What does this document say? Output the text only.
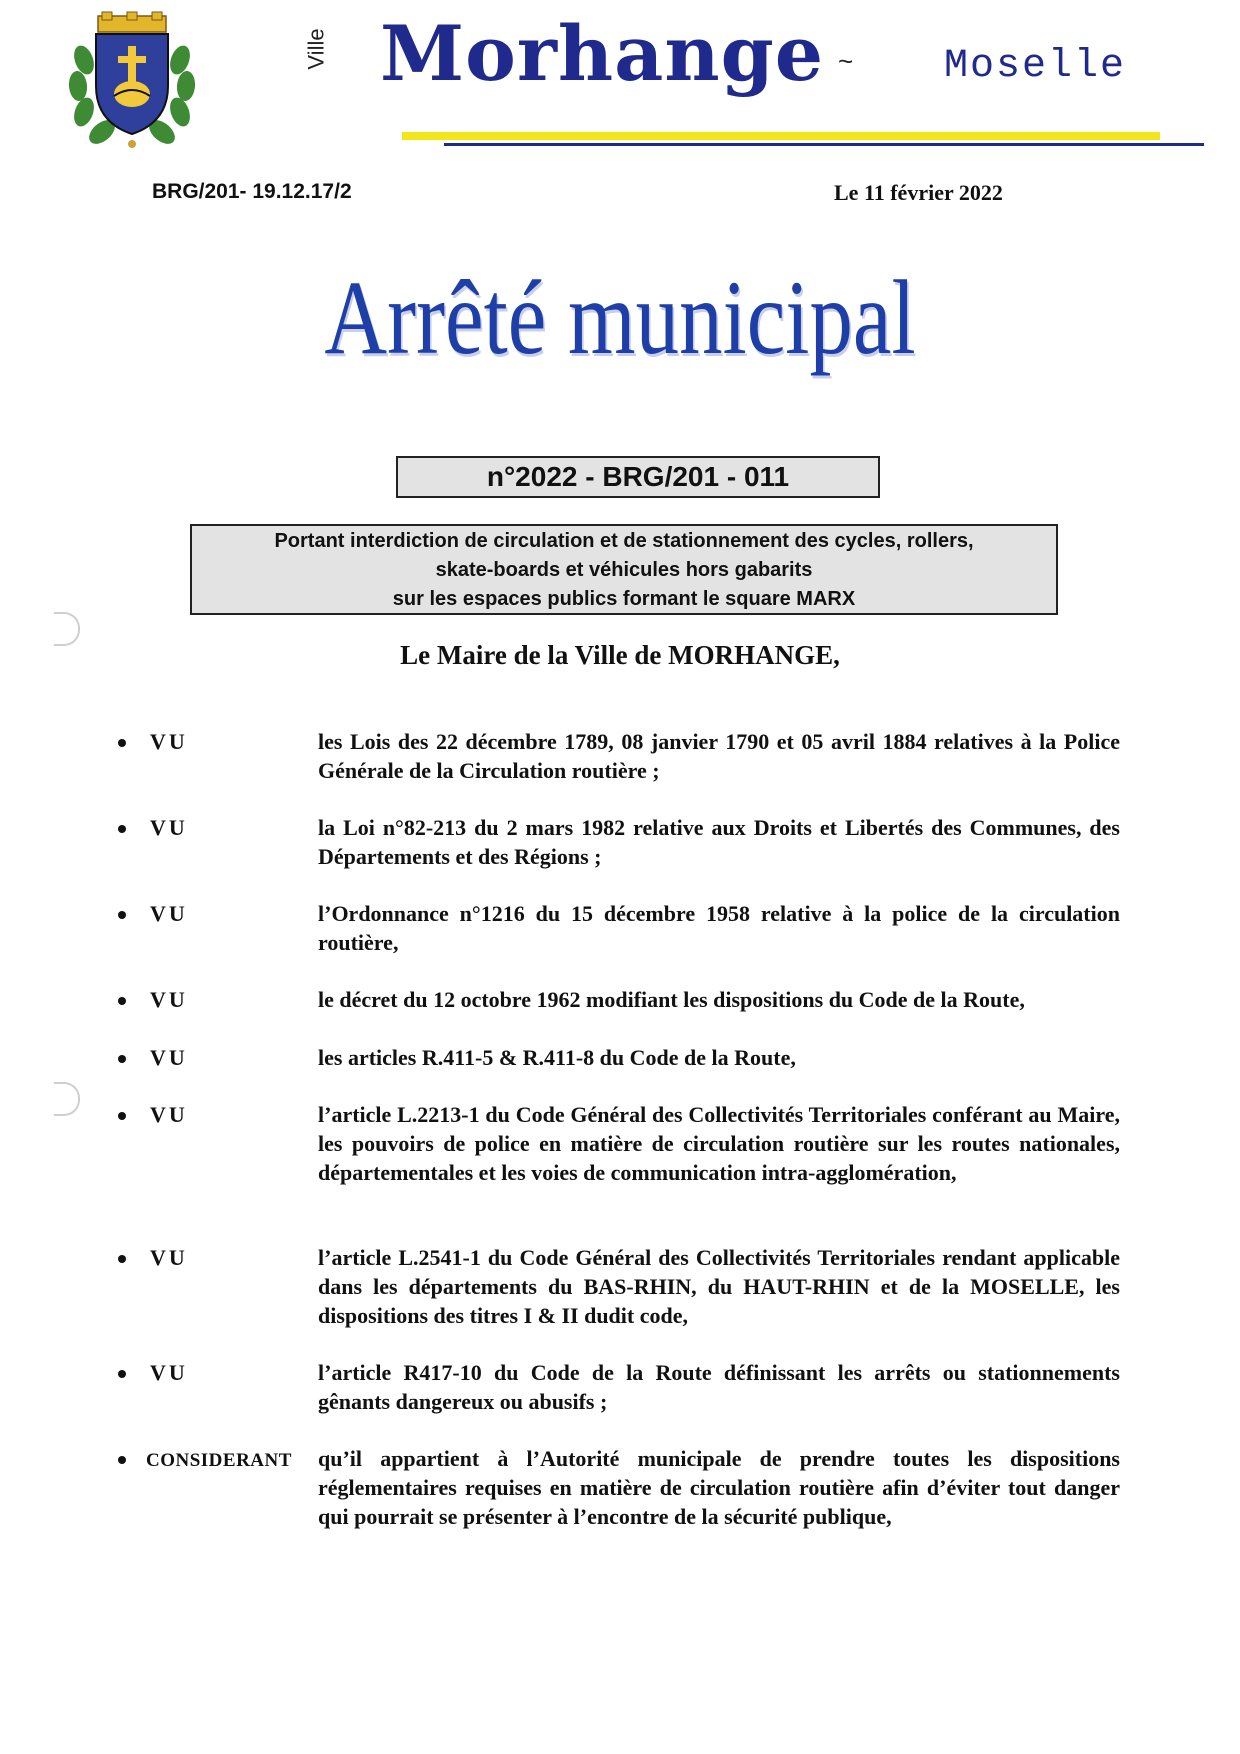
Ville Morhange ~ Moselle
BRG/201- 19.12.17/2	Le 11 février 2022
Arrêté municipal
n°2022 - BRG/201 - 011
Portant interdiction de circulation et de stationnement des cycles, rollers,
skate-boards et véhicules hors gabarits
sur les espaces publics formant le square MARX
Le Maire de la Ville de MORHANGE,
VU	les Lois des 22 décembre 1789, 08 janvier 1790 et 05 avril 1884 relatives à la Police Générale de la Circulation routière ;
VU	la Loi n°82-213 du 2 mars 1982 relative aux Droits et Libertés des Communes, des Départements et des Régions ;
VU	l’Ordonnance n°1216 du 15 décembre 1958 relative à la police de la circulation routière,
VU	le décret du 12 octobre 1962 modifiant les dispositions du Code de la Route,
VU	les articles R.411-5 & R.411-8 du Code de la Route,
VU	l’article L.2213-1 du Code Général des Collectivités Territoriales conférant au Maire, les pouvoirs de police en matière de circulation routière sur les routes nationales, départementales et les voies de communication intra-agglomération,
VU	l’article L.2541-1 du Code Général des Collectivités Territoriales rendant applicable dans les départements du BAS-RHIN, du HAUT-RHIN et de la MOSELLE, les dispositions des titres I & II dudit code,
VU	l’article R417-10 du Code de la Route définissant les arrêts ou stationnements gênants dangereux ou abusifs ;
CONSIDERANT qu’il appartient à l’Autorité municipale de prendre toutes les dispositions réglementaires requises en matière de circulation routière afin d’éviter tout danger qui pourrait se présenter à l’encontre de la sécurité publique,
